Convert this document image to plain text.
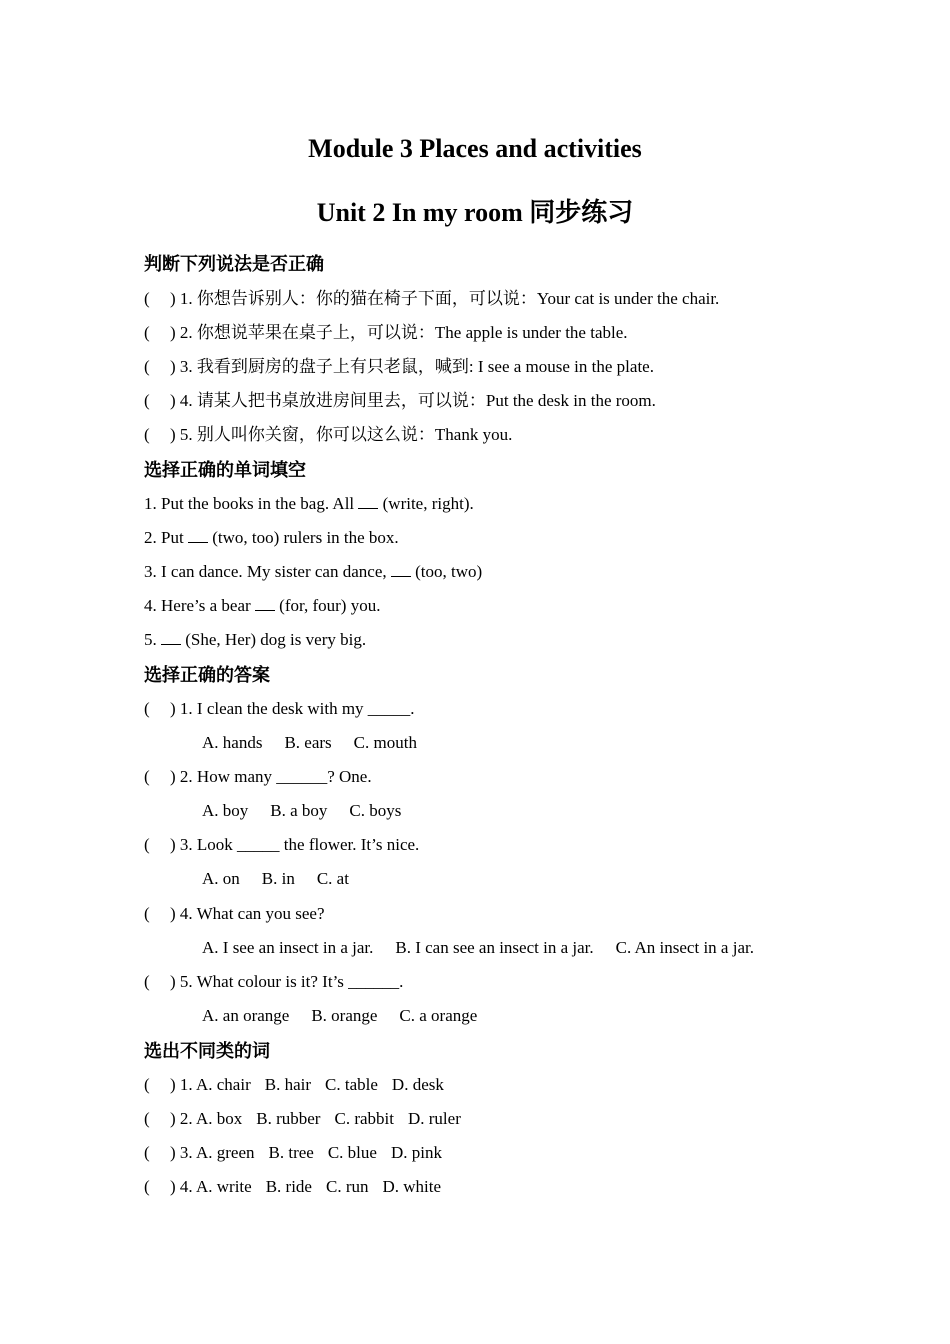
Module 3 Places and activities
Unit 2 In my room 同步练习
判断下列说法是否正确
( ) 1. 你想告诉别人：你的猫在椅子下面，可以说：Your cat is under the chair.
( ) 2. 你想说苹果在桌子上，可以说：The apple is under the table.
( ) 3. 我看到厨房的盘子上有只老鼠，喊到: I see a mouse in the plate.
( ) 4. 请某人把书桌放进房间里去，可以说：Put the desk in the room.
( ) 5. 别人叫你关窗，你可以这么说：Thank you.
选择正确的单词填空
1. Put the books in the bag. All  (write, right).
2. Put  (two, too) rulers in the box.
3. I can dance. My sister can dance,  (too, two)
4. Here’s a bear  (for, four) you.
5.  (She, Her) dog is very big.
选择正确的答案
( ) 1. I clean the desk with my _____.
A. hands B. ears C. mouth
( ) 2. How many ______? One.
A. boy B. a boy C. boys
( ) 3. Look _____ the flower. It’s nice.
A. on B. in C. at
( ) 4. What can you see?
A. I see an insect in a jar. B. I can see an insect in a jar. C. An insect in a jar.
( ) 5. What colour is it? It’s ______.
A. an orange B. orange C. a orange
选出不同类的词
( ) 1. A. chair B. hair C. table D. desk
( ) 2. A. box B. rubber C. rabbit D. ruler
( ) 3. A. green B. tree C. blue D. pink
( ) 4. A. write B. ride C. run D. white
